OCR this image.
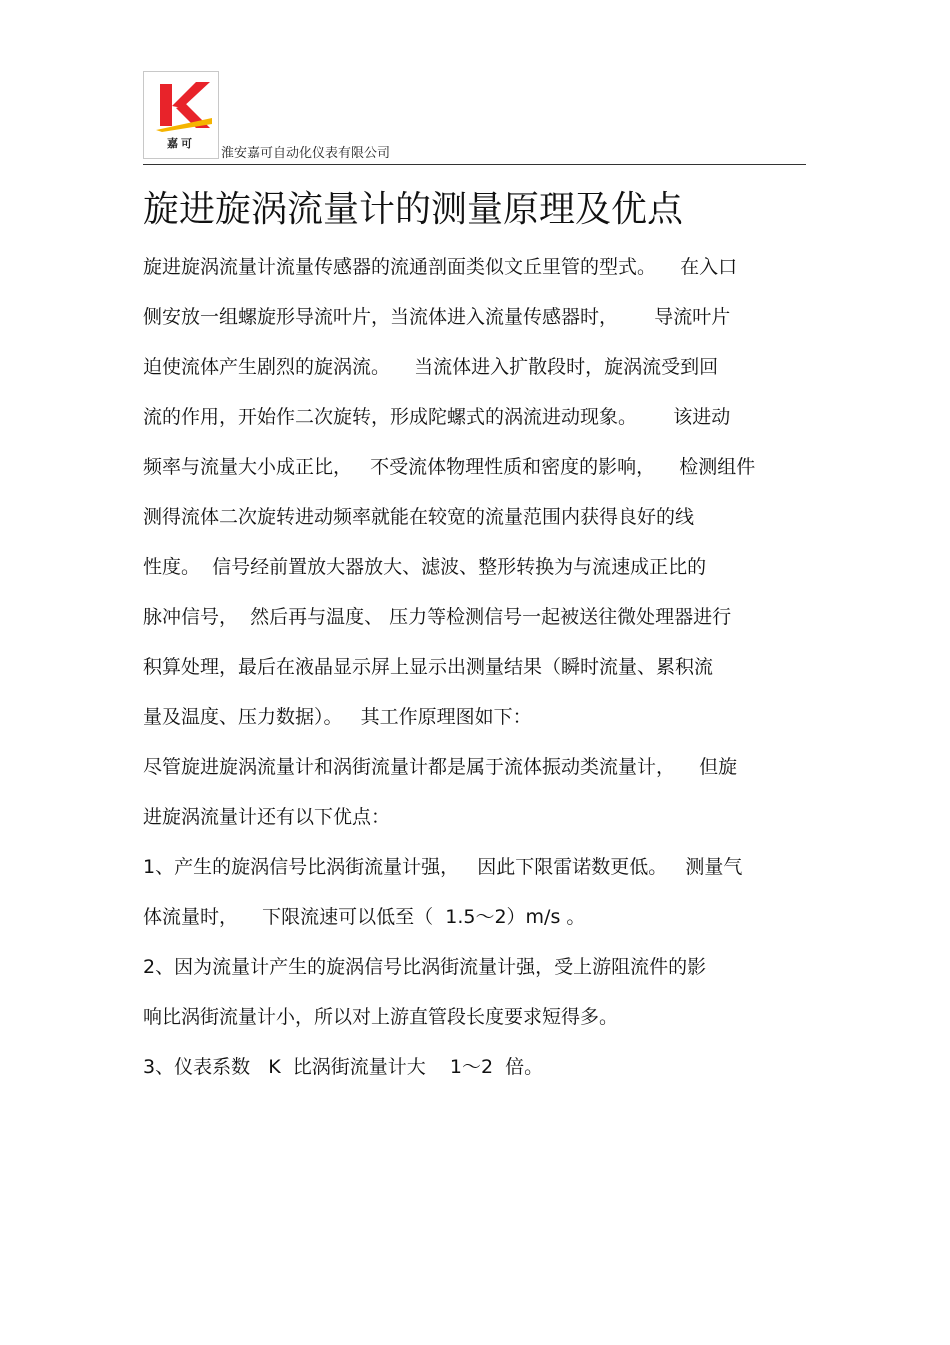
嘉可
淮安嘉可自动化仪表有限公司
旋进旋涡流量计的测量原理及优点
旋进旋涡流量计流量传感器的流通剖面类似文丘里管的型式。    在入口
侧安放一组螺旋形导流叶片，当流体进入流量传感器时，      导流叶片
迫使流体产生剧烈的旋涡流。    当流体进入扩散段时，旋涡流受到回
流的作用，开始作二次旋转，形成陀螺式的涡流进动现象。      该进动
频率与流量大小成正比，   不受流体物理性质和密度的影响，    检测组件
测得流体二次旋转进动频率就能在较宽的流量范围内获得良好的线
性度。  信号经前置放大器放大、滤波、整形转换为与流速成正比的
脉冲信号，  然后再与温度、 压力等检测信号一起被送往微处理器进行
积算处理，最后在液晶显示屏上显示出测量结果（瞬时流量、累积流
量及温度、压力数据）。   其工作原理图如下：
尽管旋进旋涡流量计和涡街流量计都是属于流体振动类流量计，    但旋
进旋涡流量计还有以下优点：
1、产生的旋涡信号比涡街流量计强，   因此下限雷诺数更低。   测量气
体流量时，    下限流速可以低至（  1.5～2）m/s 。
2、因为流量计产生的旋涡信号比涡街流量计强，受上游阻流件的影
响比涡街流量计小，所以对上游直管段长度要求短得多。
3、仪表系数   K  比涡街流量计大    1～2  倍。
